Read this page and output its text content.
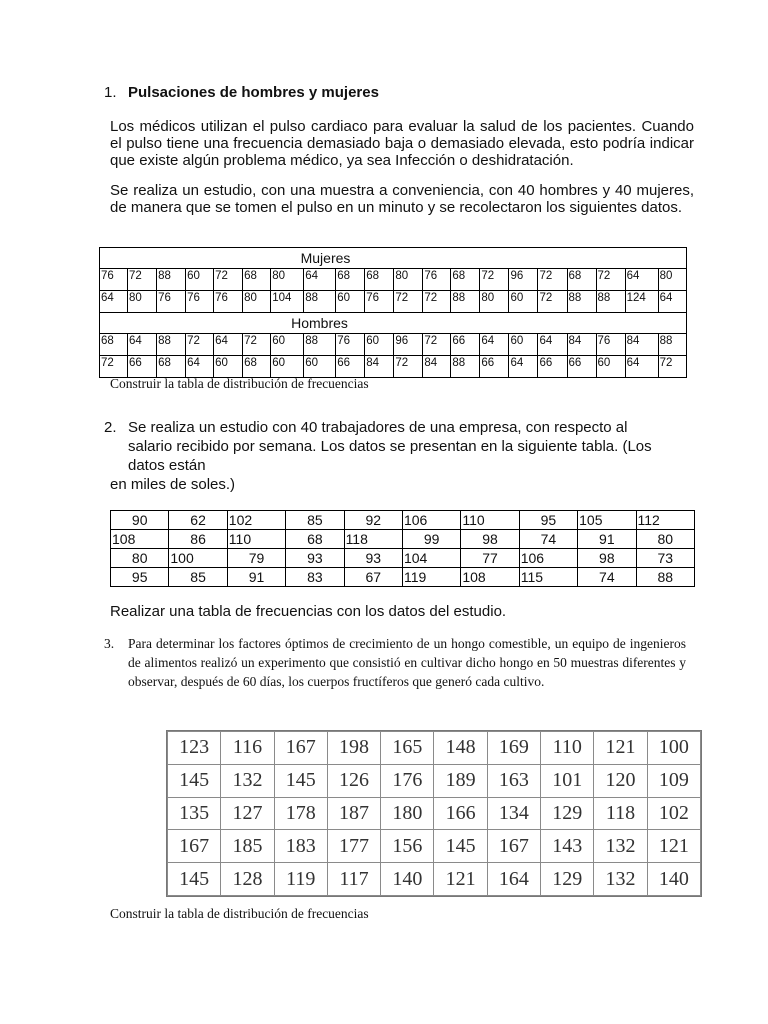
1. Pulsaciones de hombres y mujeres

Los médicos utilizan el pulso cardiaco para evaluar la salud de los pacientes. Cuando el pulso tiene una frecuencia demasiado baja o demasiado elevada, esto podría indicar que existe algún problema médico, ya sea Infección o deshidratación.

Se realiza un estudio, con una muestra a conveniencia, con 40 hombres y 40 mujeres, de manera que se tomen el pulso en un minuto y se recolectaron los siguientes datos.

Mujeres																			
76	72	88	60	72	68	80	64	68	68	80	76	68	72	96	72	68	72	64	80
64	80	76	76	76	80	104	88	60	76	72	72	88	80	60	72	88	88	124	64
Hombres																			
68	64	88	72	64	72	60	88	76	60	96	72	66	64	60	64	84	76	84	88
72	66	68	64	60	68	60	60	66	84	72	84	88	66	64	66	66	60	64	72

Construir la tabla de distribución de frecuencias

2. Se realiza un estudio con 40 trabajadores de una empresa, con respecto al

salario recibido por semana. Los datos se presentan en la siguiente tabla. (Los

datos están

en miles de soles.)

90	62	102	85	92	106	110	95	105	112
108	86	110	68	118	99	98	74	91	80
80	100	79	93	93	104	77	106	98	73
95	85	91	83	67	119	108	115	74	88

Realizar una tabla de frecuencias con los datos del estudio.

3. Para determinar los factores óptimos de crecimiento de un hongo comestible, un equipo de ingenieros de alimentos realizó un experimento que consistió en cultivar dicho hongo en 50 muestras diferentes y observar, después de 60 días, los cuerpos fructíferos que generó cada cultivo.

123	116	167	198	165	148	169	110	121	100
145	132	145	126	176	189	163	101	120	109
135	127	178	187	180	166	134	129	118	102
167	185	183	177	156	145	167	143	132	121
145	128	119	117	140	121	164	129	132	140

Construir la tabla de distribución de frecuencias
